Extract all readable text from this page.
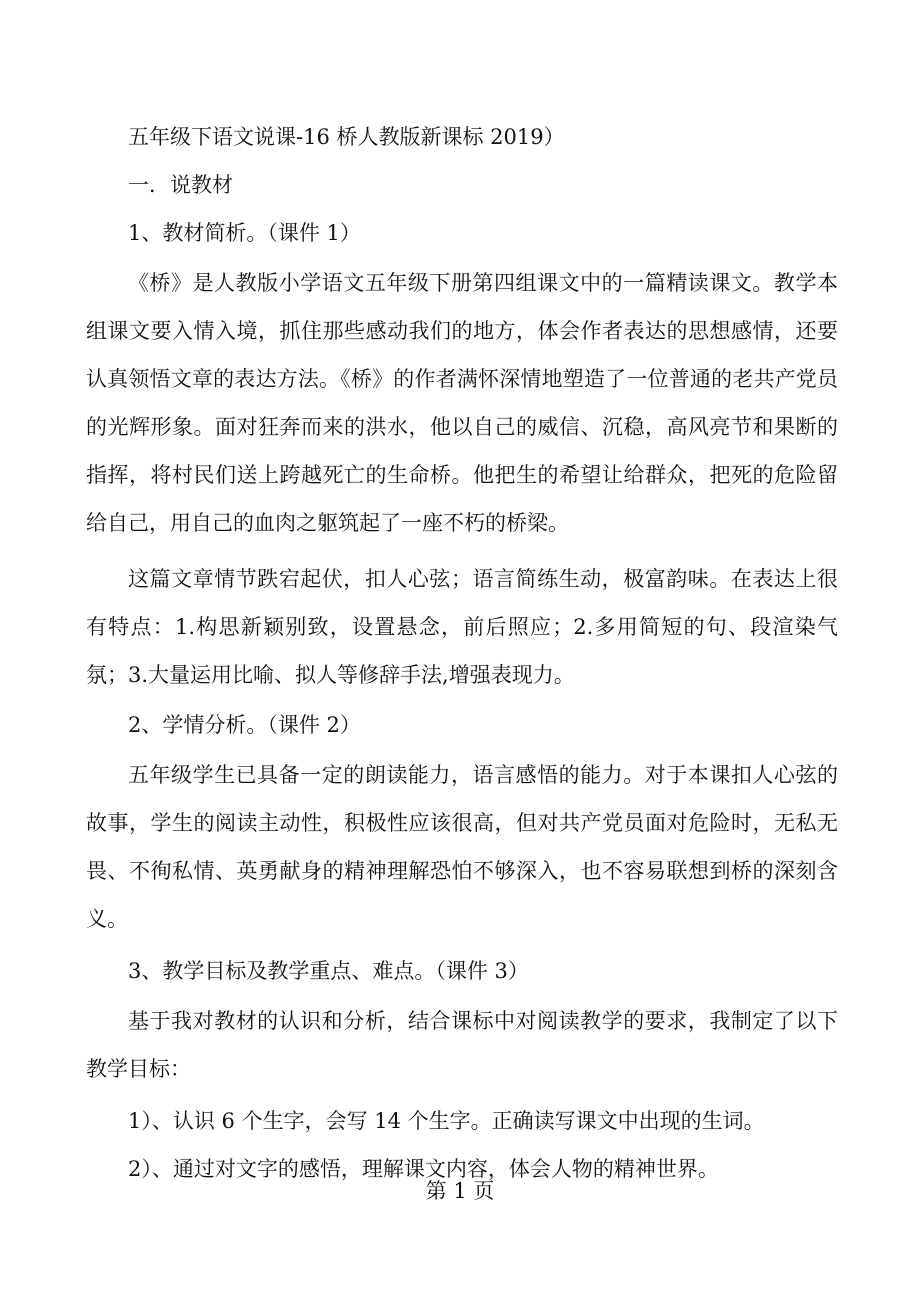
五年级下语文说课-16 桥人教版新课标 2019）

一．说教材

1、教材简析。（课件 1）

《桥》是人教版小学语文五年级下册第四组课文中的一篇精读课文。教学本组课文要入情入境，抓住那些感动我们的地方，体会作者表达的思想感情，还要认真领悟文章的表达方法。《桥》的作者满怀深情地塑造了一位普通的老共产党员的光辉形象。面对狂奔而来的洪水，他以自己的威信、沉稳，高风亮节和果断的指挥，将村民们送上跨越死亡的生命桥。他把生的希望让给群众，把死的危险留给自己，用自己的血肉之躯筑起了一座不朽的桥梁。

这篇文章情节跌宕起伏，扣人心弦；语言简练生动，极富韵味。在表达上很有特点：1.构思新颖别致，设置悬念，前后照应；2.多用简短的句、段渲染气氛；3.大量运用比喻、拟人等修辞手法,增强表现力。

2、学情分析。（课件 2）

五年级学生已具备一定的朗读能力，语言感悟的能力。对于本课扣人心弦的故事，学生的阅读主动性，积极性应该很高，但对共产党员面对危险时，无私无畏、不徇私情、英勇献身的精神理解恐怕不够深入，也不容易联想到桥的深刻含义。

3、教学目标及教学重点、难点。（课件 3）

基于我对教材的认识和分析，结合课标中对阅读教学的要求，我制定了以下教学目标：

1）、认识 6 个生字，会写 14 个生字。正确读写课文中出现的生词。

2）、通过对文字的感悟，理解课文内容，体会人物的精神世界。

第 1 页
